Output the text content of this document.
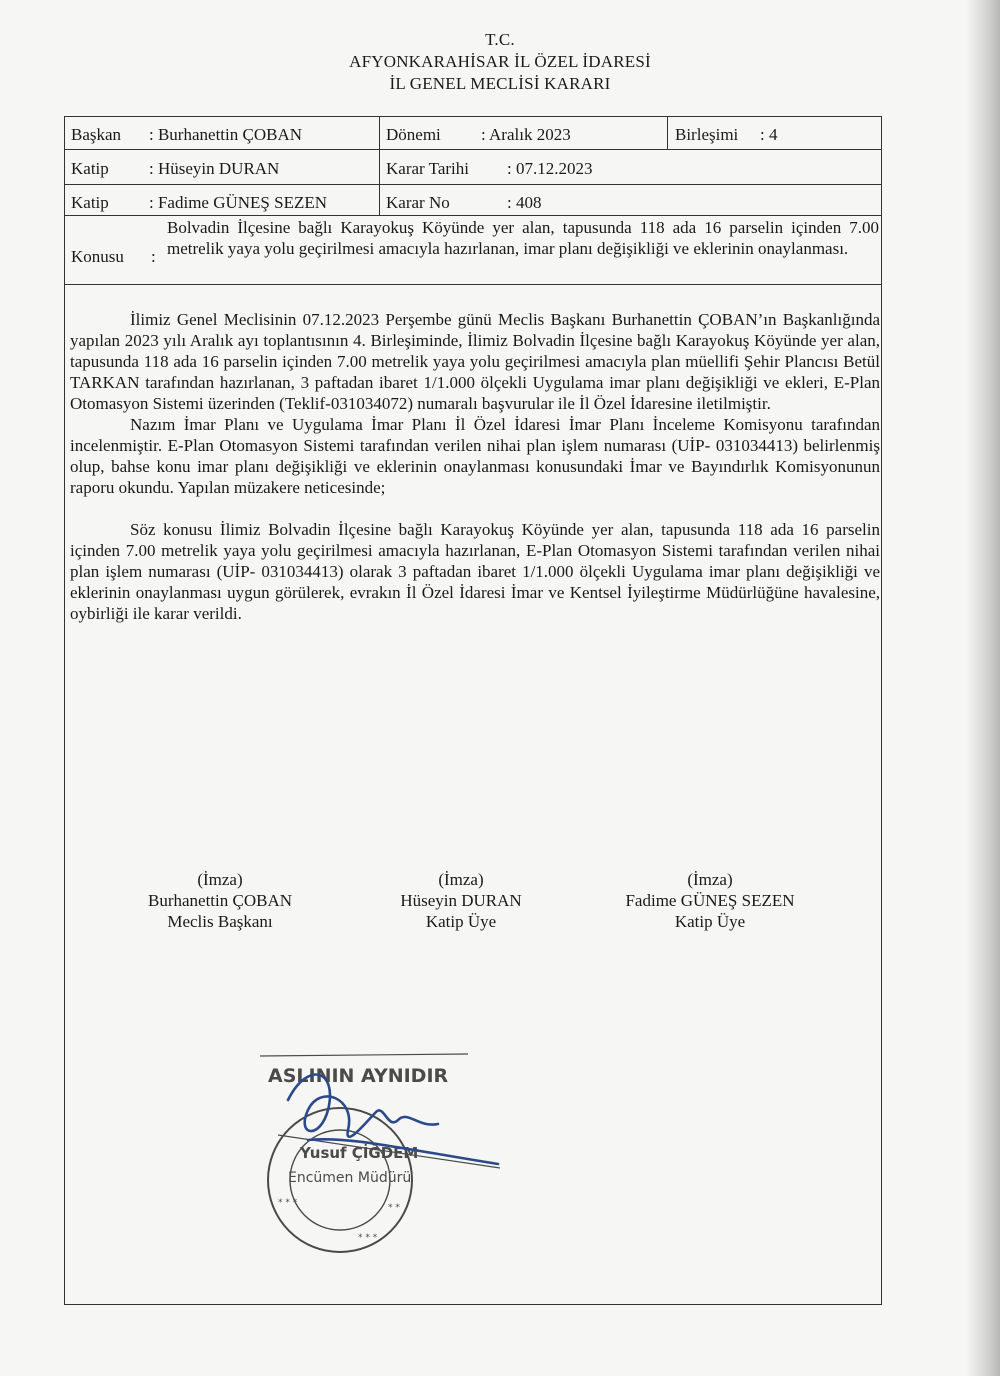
T.C.
AFYONKARAHİSAR İL ÖZEL İDARESİ
İL GENEL MECLİSİ KARARI
Başkan : Burhanettin ÇOBAN	Dönemi : Aralık 2023	Birleşimi : 4
Katip : Hüseyin DURAN	Karar Tarihi : 07.12.2023
Katip : Fadime GÜNEŞ SEZEN	Karar No	: 408
Konusu :
Bolvadin İlçesine bağlı Karayokuş Köyünde yer alan, tapusunda 118 ada 16 parselin içinden 7.00 metrelik yaya yolu geçirilmesi amacıyla hazırlanan, imar planı değişikliği ve eklerinin onaylanması.

İlimiz Genel Meclisinin 07.12.2023 Perşembe günü Meclis Başkanı Burhanettin ÇOBAN’ın Başkanlığında yapılan 2023 yılı Aralık ayı toplantısının 4. Birleşiminde, İlimiz Bolvadin İlçesine bağlı Karayokuş Köyünde yer alan, tapusunda 118 ada 16 parselin içinden 7.00 metrelik yaya yolu geçirilmesi amacıyla plan müellifi Şehir Plancısı Betül TARKAN tarafından hazırlanan, 3 paftadan ibaret 1/1.000 ölçekli Uygulama imar planı değişikliği ve ekleri, E-Plan Otomasyon Sistemi üzerinden (Teklif-031034072) numaralı başvurular ile İl Özel İdaresine iletilmiştir.

Nazım İmar Planı ve Uygulama İmar Planı İl Özel İdaresi İmar Planı İnceleme Komisyonu tarafından incelenmiştir. E-Plan Otomasyon Sistemi tarafından verilen nihai plan işlem numarası (UİP- 031034413) belirlenmiş olup, bahse konu imar planı değişikliği ve eklerinin onaylanması konusundaki İmar ve Bayındırlık Komisyonunun raporu okundu. Yapılan müzakere neticesinde;

Söz konusu İlimiz Bolvadin İlçesine bağlı Karayokuş Köyünde yer alan, tapusunda 118 ada 16 parselin içinden 7.00 metrelik yaya yolu geçirilmesi amacıyla hazırlanan, E-Plan Otomasyon Sistemi tarafından verilen nihai plan işlem numarası (UİP- 031034413) olarak 3 paftadan ibaret 1/1.000 ölçekli Uygulama imar planı değişikliği ve eklerinin onaylanması uygun görülerek, evrakın İl Özel İdaresi İmar ve Kentsel İyileştirme Müdürlüğüne havalesine, oybirliği ile karar verildi.

(İmza)
Burhanettin ÇOBAN
Meclis Başkanı
(İmza)
Hüseyin DURAN
Katip Üye
(İmza)
Fadime GÜNEŞ SEZEN
Katip Üye
ASLININ AYNIDIR
Yusuf ÇİĞDEM
Encümen Müdürü
* * *
* * *
* *
